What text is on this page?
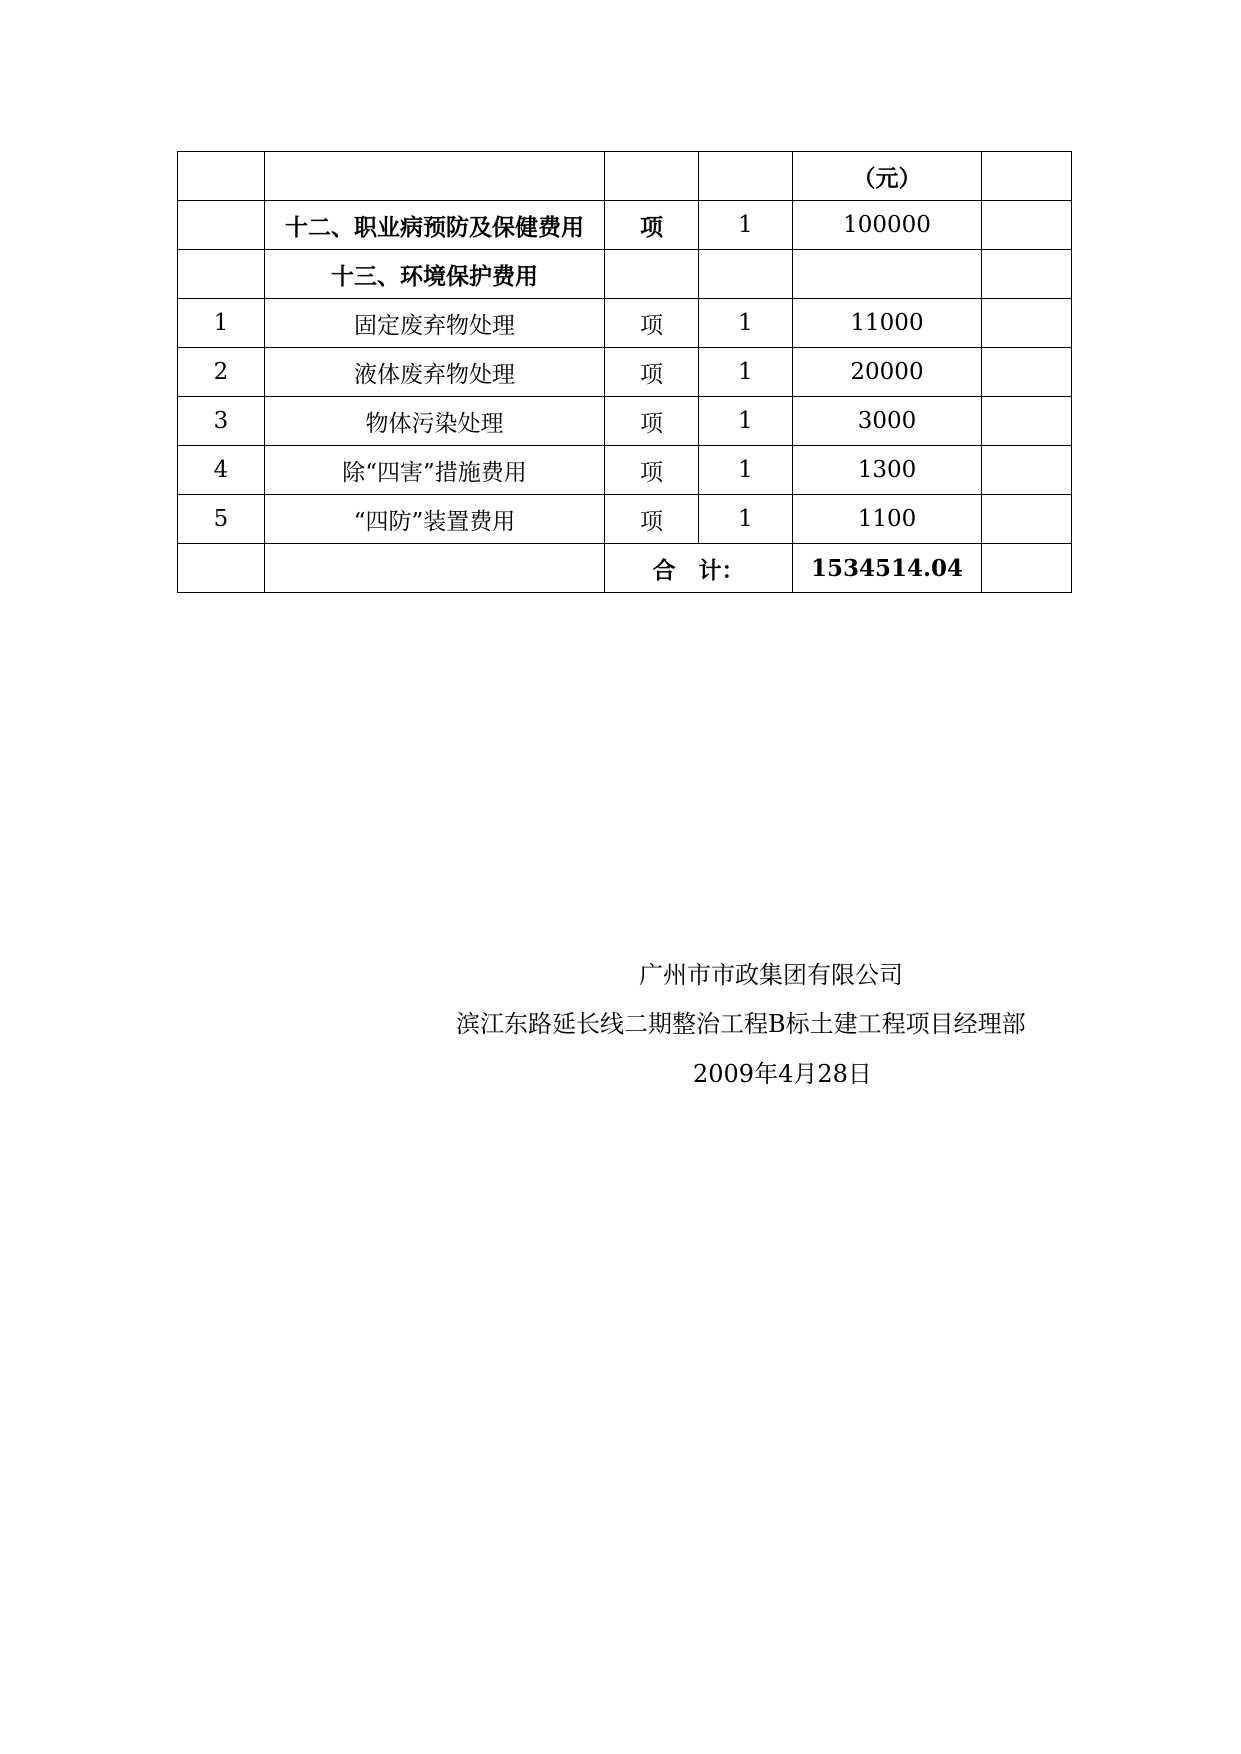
				（元）	
	十二、职业病预防及保健费用	项	1	100000	
	十三、环境保护费用				
1	固定废弃物处理	项	1	11000	
2	液体废弃物处理	项	1	20000	
3	物体污染处理	项	1	3000	
4	除“四害”措施费用	项	1	1300	
5	“四防”装置费用	项	1	1100	
		合　计：		1534514.04	
广州市市政集团有限公司
滨江东路延长线二期整治工程B标土建工程项目经理部
2009年4月28日
